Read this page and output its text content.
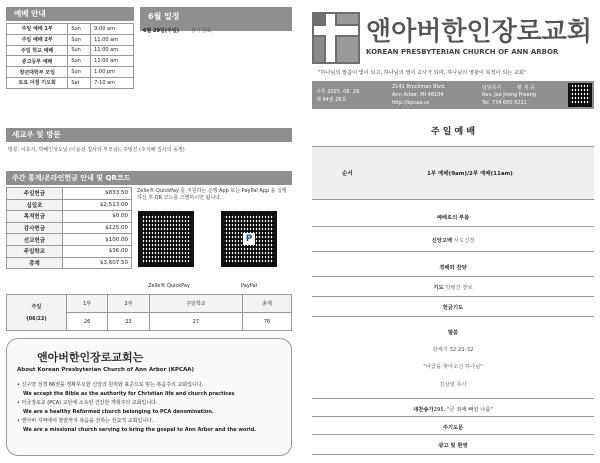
예배 안내
주일 예배 1부	Sun	9:00 am
주일 예배 2부	Sun	11:00 am
주일 학교 예배	Sun	11:00 am
중고등부 예배	Sun	11:00 am
청년대학부 모임	Sun	1:00 pm
토요 아침 기도회	Sat	7-10 am
6월 일정
6월 29일(주일) 정기 당회
새교우 및 방문
방문: 이효식, 박혜인성도님 (이윤선 집사의 부모님), 주범진 (주지혜 집사의 동생)
주간 통계/온라인헌금 안내 및 QR코드
주일헌금	$833.50
십일조	$2,513.00
목적헌금	$0.00
감사헌금	$125.00
선교헌금	$100.00
주일학교	$36.00
총계	$3,607.50
Zelle® QuickPay 를 지원하는 은행 App 또는 PayPal App 을 실행하신 후 QR 코드를 스캔하시면 됩니다.
P
Zelle® QuickPay	PayPal
주일
(06/22)	1부	2부	주일학교	총계
	26	23	27	76
앤아버한인장로교회는
About Korean Presbyterian Church of Ann Arbor (KPCAA)
• 신구약 성경 66권을 정확무오한 신앙의 원리와 표준으로 믿는 복음주의 교회입니다.
We accept the Bible as the authority for Christian life and church practices
• 미국장로교 (PCA) 교단에 소속된 건강한 개혁주의 교회입니다.
We are a healthy Reformed church belonging to PCA denomination.
• 앤아버 지역에서 땅끝까지 복음을 전하는 선교적 교회입니다.
We are a missional church serving to bring the gospel to Ann Arbor and the world.
앤아버한인장로교회
KOREAN PRESBYTERIAN CHURCH OF ANN ARBOR
"하나님의 말씀이 빛이 되고, 하나님의 영이 교사가 되며, 하나님의 영광이 목적이 되는 교회"
주후 2025. 06. 29.
제 44권 26호
2141 Brockman Blvd.
Ann Arbor, MI 48104
http://kpcaa.us
담임목사	황 재 중
Rev. Jae Joong Hwang
Tel. 734 680 5221
주 일 예 배
순서	1부 예배(9am)/2부 예배(11am)
예배로의 부름
신앙고백 사도신경
경배와 찬양
기도 박병건 장로
헌금기도
말씀
창세기 32:21-32
"야곱을 찾아오신 하나님"
김삼열 목사
새찬송가295, "큰 죄에 빠진 나를"
주기도문
광고 및 환영
